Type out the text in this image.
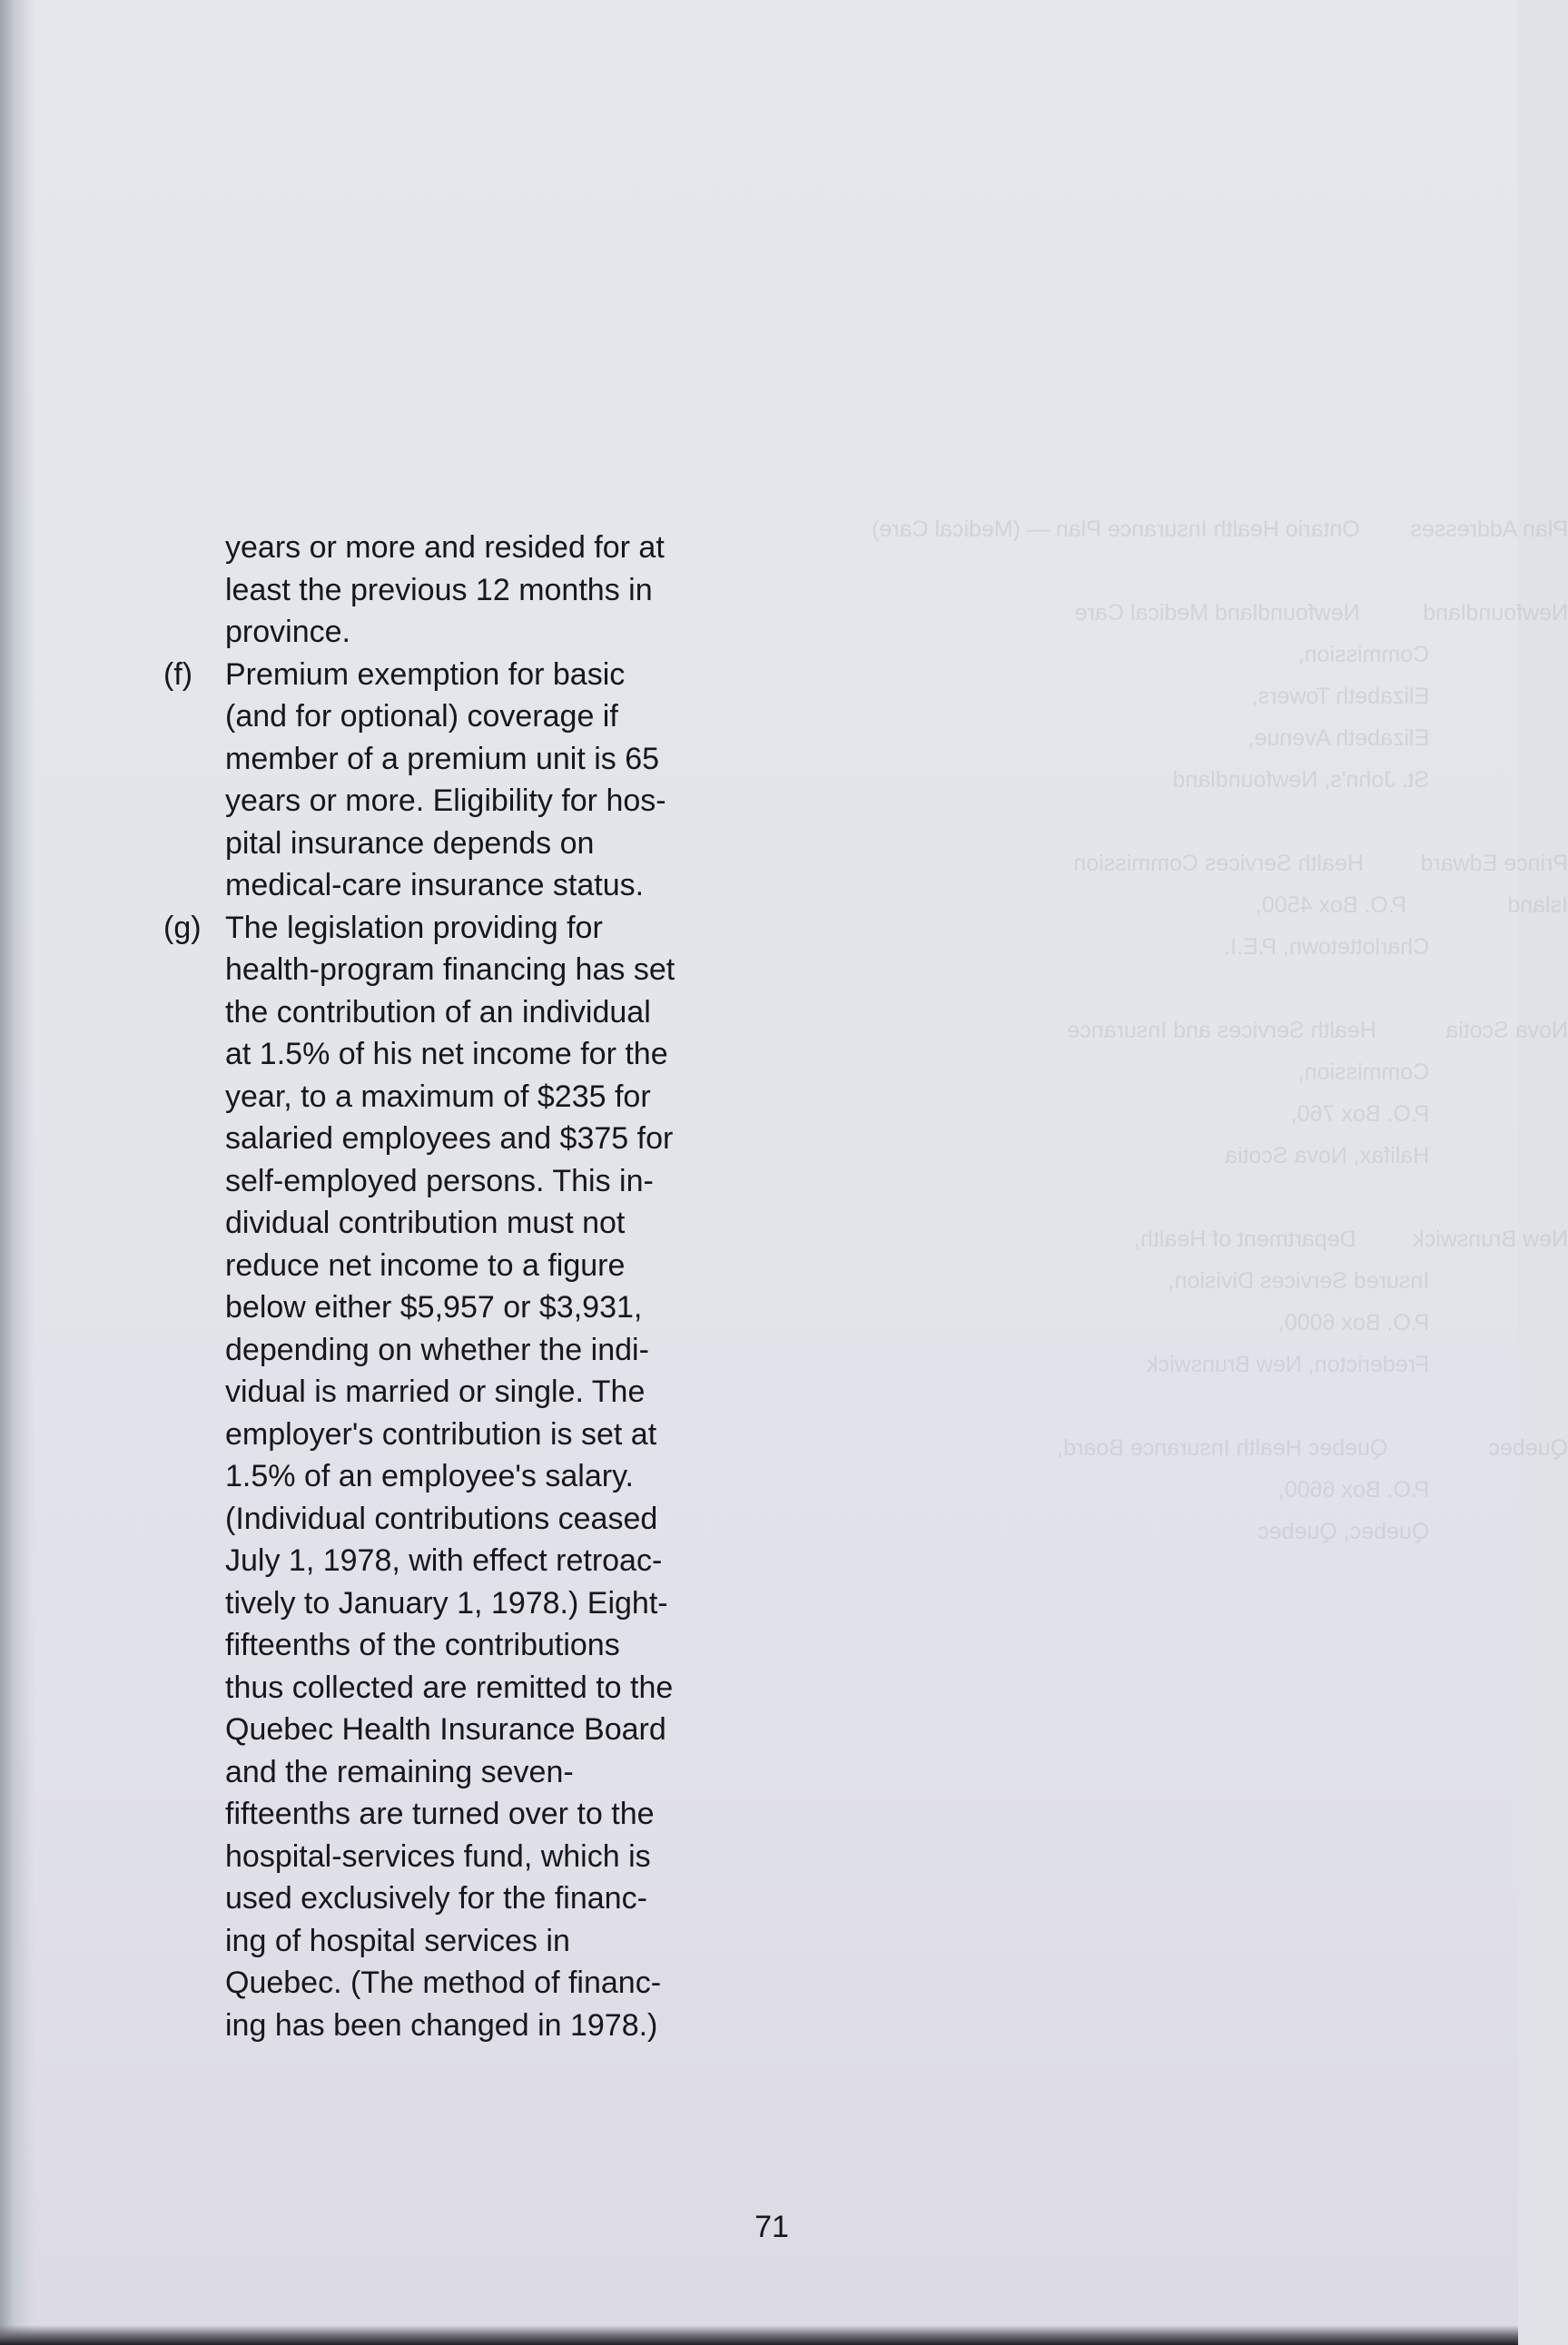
Plan Addresses        Ontario Health Insurance Plan — (Medical Care)

Newfoundland          Newfoundland Medical Care
Commission,
Elizabeth Towers,
Elizabeth Avenue,
St. John's, Newfoundland

Prince Edward         Health Services Commission
Island                P.O. Box 4500,
Charlottetown, P.E.I.

Nova Scotia           Health Services and Insurance
Commission,
P.O. Box 760,
Halifax, Nova Scotia

New Brunswick         Department of Health,
Insured Services Division,
P.O. Box 6000,
Fredericton, New Brunswick

Quebec                Quebec Health Insurance Board,
P.O. Box 6600,
Quebec, Quebec
years or more and resided for at
least the previous 12 months in
province.
(f) Premium exemption for basic
(and for optional) coverage if
member of a premium unit is 65
years or more. Eligibility for hos-
pital insurance depends on
medical-care insurance status.
(g) The legislation providing for
health-program financing has set
the contribution of an individual
at 1.5% of his net income for the
year, to a maximum of $235 for
salaried employees and $375 for
self-employed persons. This in-
dividual contribution must not
reduce net income to a figure
below either $5,957 or $3,931,
depending on whether the indi-
vidual is married or single. The
employer's contribution is set at
1.5% of an employee's salary.
(Individual contributions ceased
July 1, 1978, with effect retroac-
tively to January 1, 1978.) Eight-
fifteenths of the contributions
thus collected are remitted to the
Quebec Health Insurance Board
and the remaining seven-
fifteenths are turned over to the
hospital-services fund, which is
used exclusively for the financ-
ing of hospital services in
Quebec. (The method of financ-
ing has been changed in 1978.)
71
